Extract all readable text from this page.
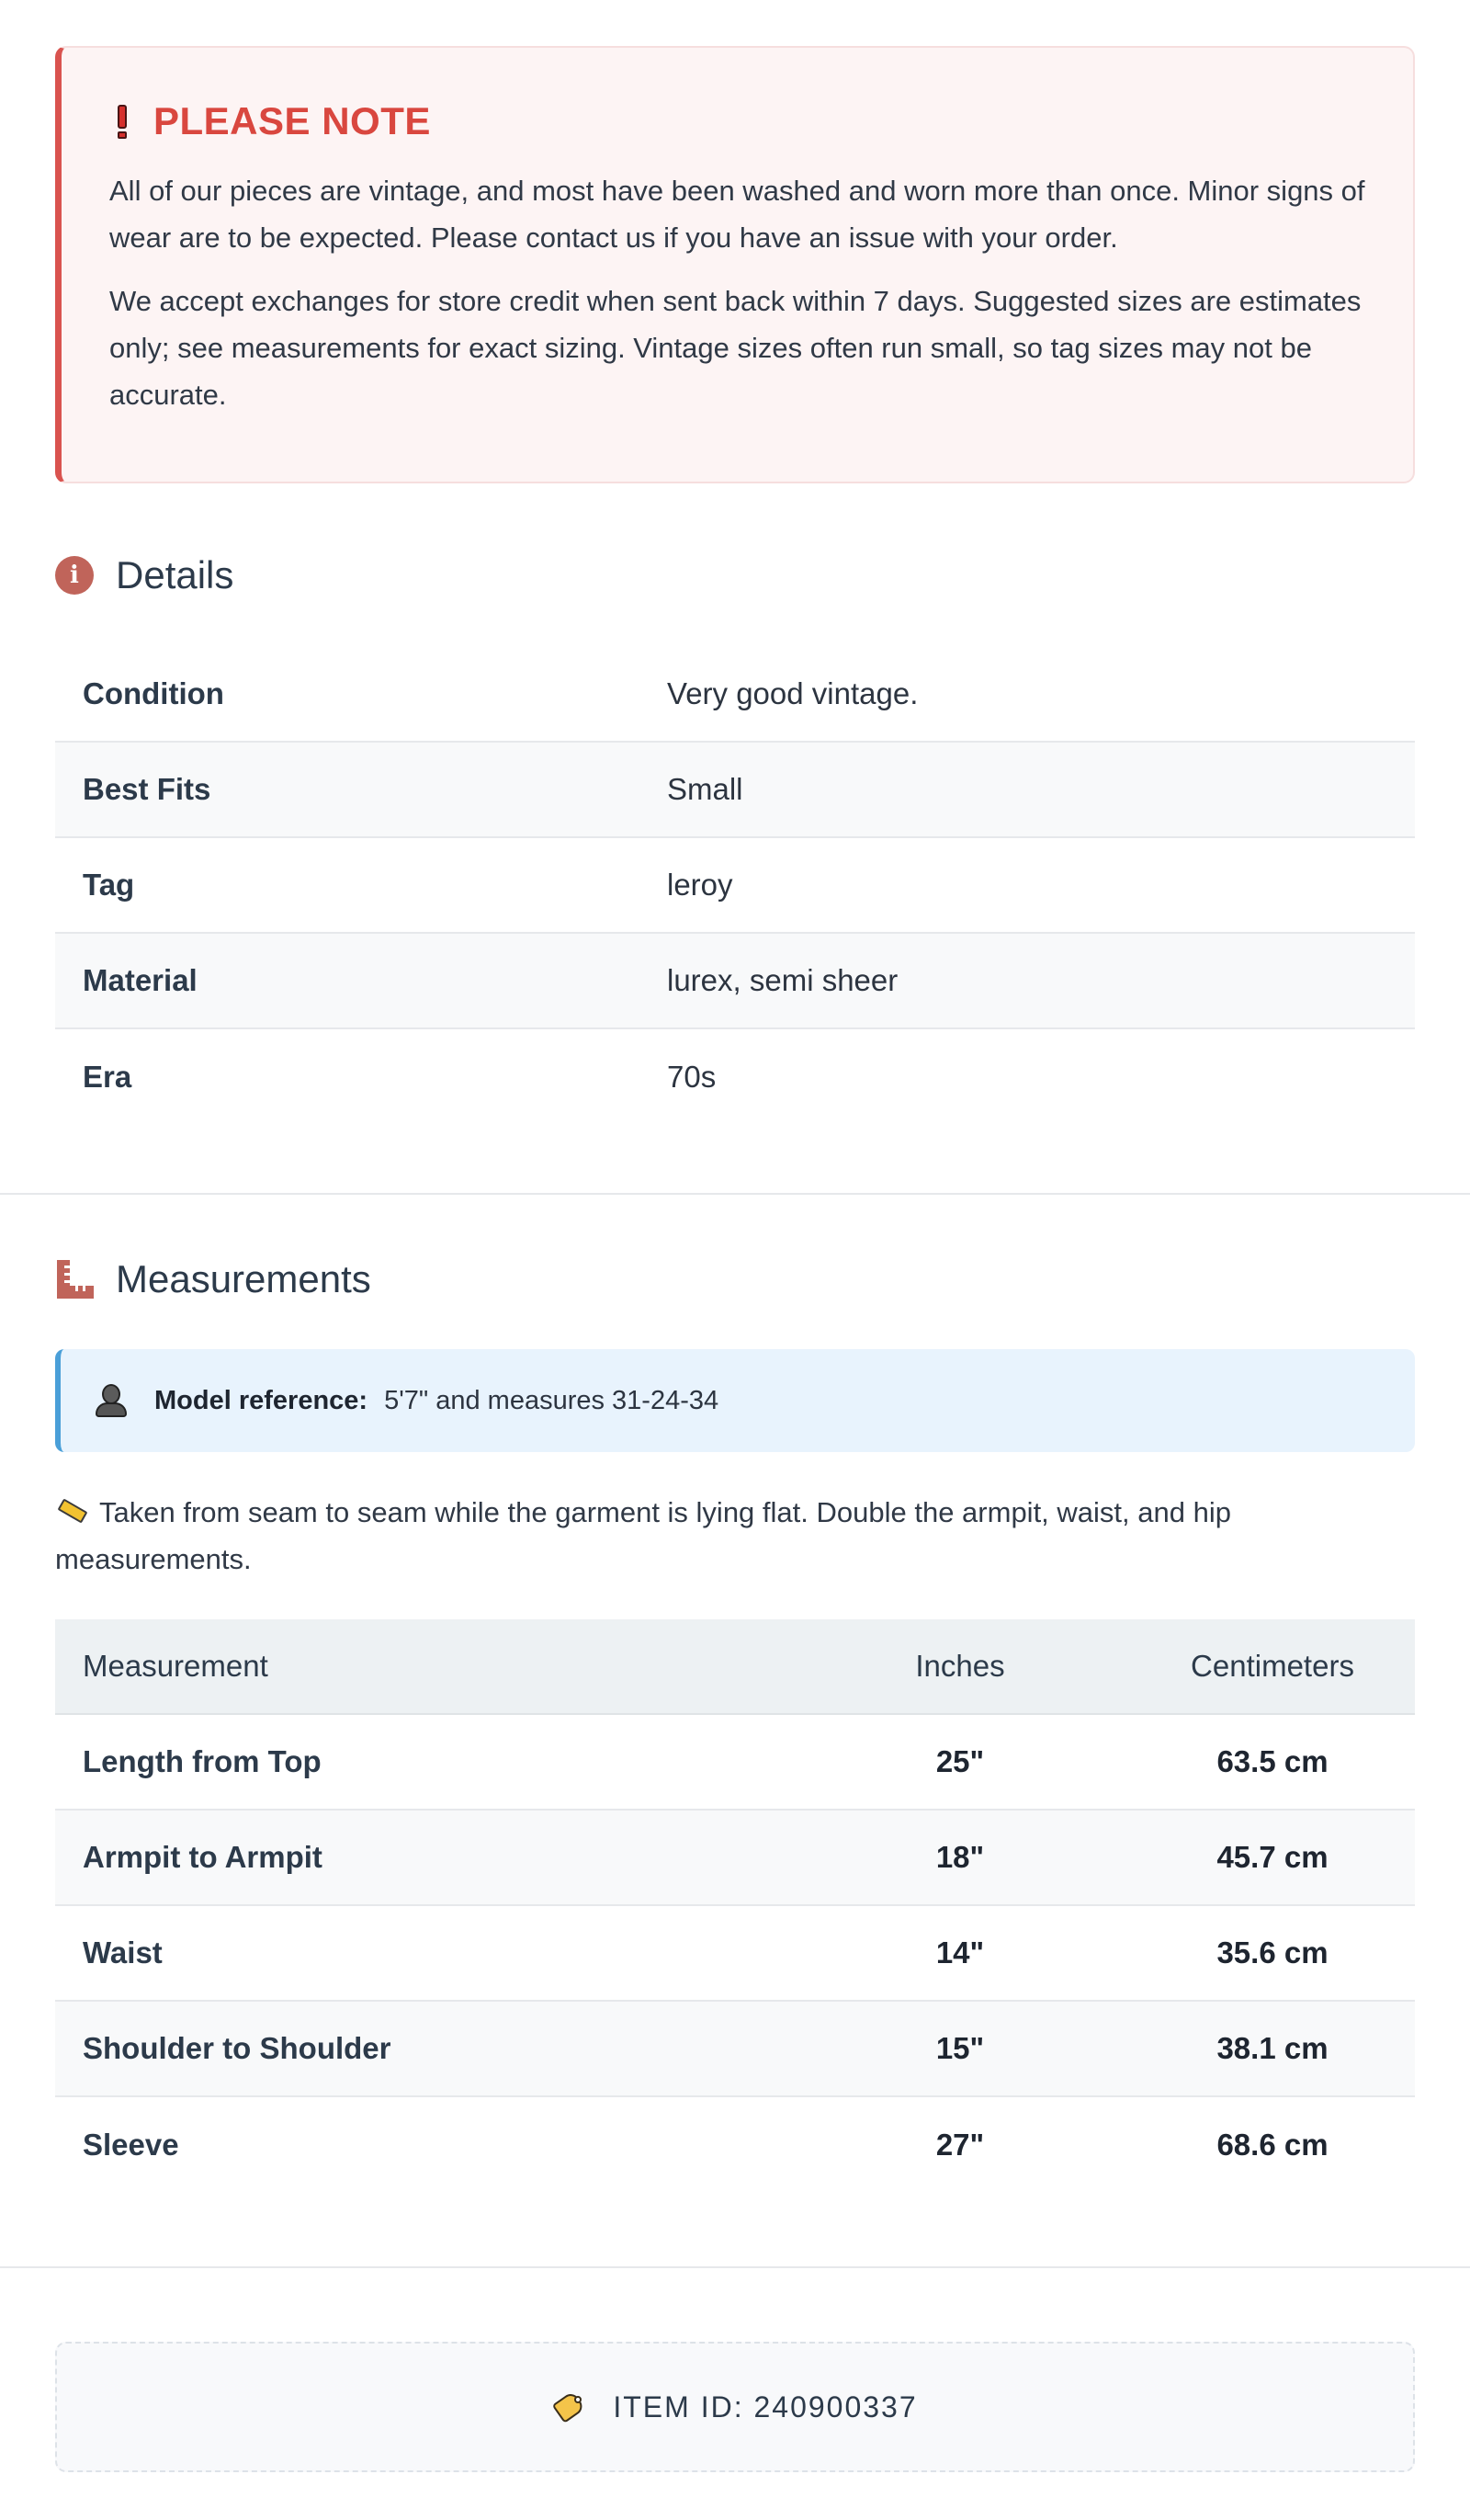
PLEASE NOTE

All of our pieces are vintage, and most have been washed and worn more than once. Minor signs of wear are to be expected. Please contact us if you have an issue with your order.

We accept exchanges for store credit when sent back within 7 days. Suggested sizes are estimates only; see measurements for exact sizing. Vintage sizes often run small, so tag sizes may not be accurate.

i Details
Condition	Very good vintage.
Best Fits	Small
Tag	leroy
Material	lurex, semi sheer
Era	70s
Measurements
Model reference: 5'7" and measures 31-24-34
Taken from seam to seam while the garment is lying flat. Double the armpit, waist, and hip measurements.
Measurement	Inches	Centimeters
Length from Top	25"	63.5 cm
Armpit to Armpit	18"	45.7 cm
Waist	14"	35.6 cm
Shoulder to Shoulder	15"	38.1 cm
Sleeve	27"	68.6 cm
ITEM ID: 240900337
